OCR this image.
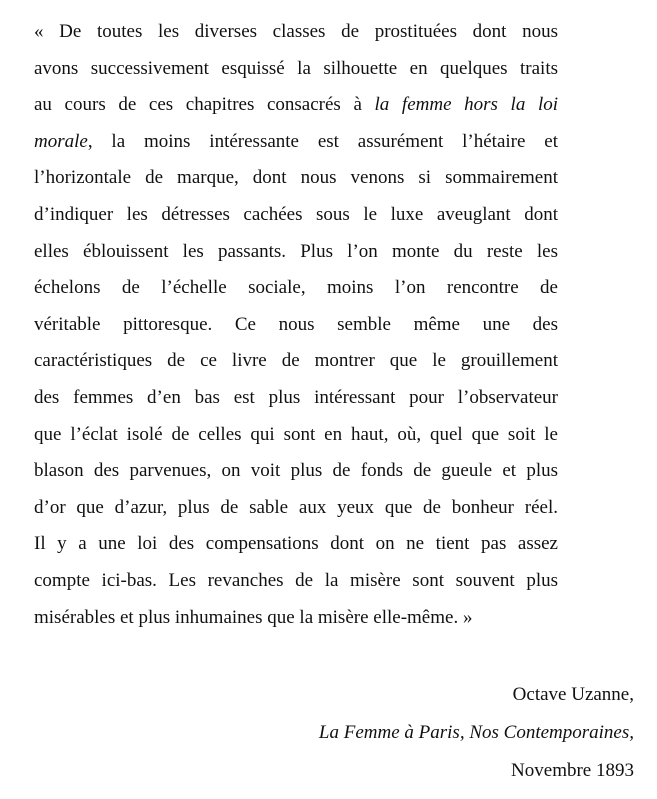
« De toutes les diverses classes de prostituées dont nous
avons successivement esquissé la silhouette en quelques traits
au cours de ces chapitres consacrés à la femme hors la loi
morale, la moins intéressante est assurément l’hétaire et
l’horizontale de marque, dont nous venons si sommairement
d’indiquer les détresses cachées sous le luxe aveuglant dont
elles éblouissent les passants. Plus l’on monte du reste les
échelons de l’échelle sociale, moins l’on rencontre de
véritable pittoresque. Ce nous semble même une des
caractéristiques de ce livre de montrer que le grouillement
des femmes d’en bas est plus intéressant pour l’observateur
que l’éclat isolé de celles qui sont en haut, où, quel que soit le
blason des parvenues, on voit plus de fonds de gueule et plus
d’or que d’azur, plus de sable aux yeux que de bonheur réel.
Il y a une loi des compensations dont on ne tient pas assez
compte ici-bas. Les revanches de la misère sont souvent plus
misérables et plus inhumaines que la misère elle-même. »
Octave Uzanne,
La Femme à Paris, Nos Contemporaines,
Novembre 1893
